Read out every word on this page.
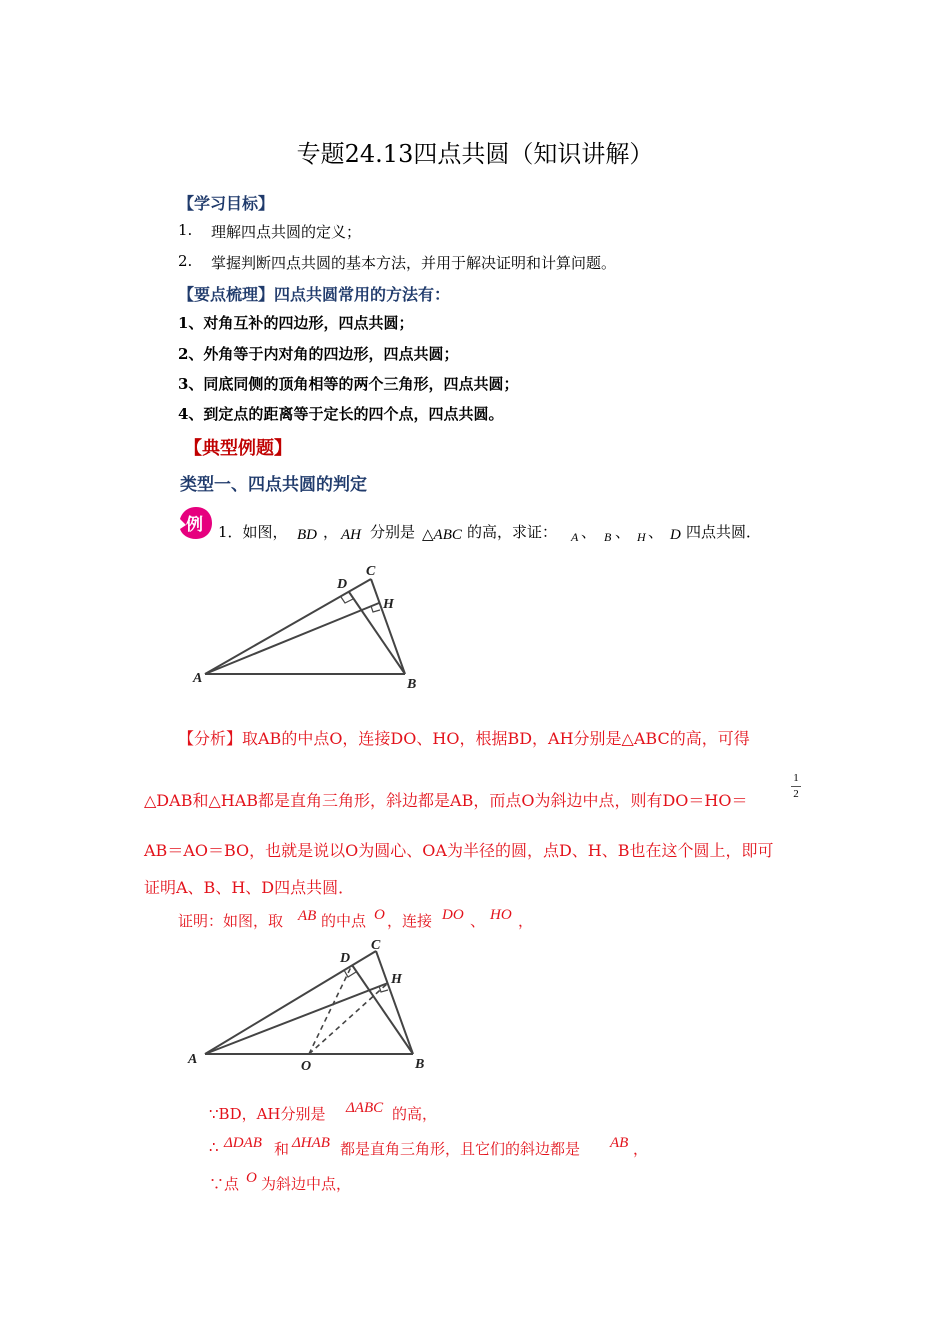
专题24.13四点共圆（知识讲解）
【学习目标】
1. 理解四点共圆的定义；
2. 掌握判断四点共圆的基本方法，并用于解决证明和计算问题。
【要点梳理】四点共圆常用的方法有：
1、对角互补的四边形，四点共圆；
2、外角等于内对角的四边形，四点共圆；
3、同底同侧的顶角相等的两个三角形，四点共圆；
4、到定点的距离等于定长的四个点，四点共圆。
【典型例题】
类型一、四点共圆的判定
例 1．如图， BD ， AH 分别是 △ABC 的高，求证： A 、 B 、 H 、 D 四点共圆．
A	B
C
D
H
【分析】取AB的中点O，连接DO、HO，根据BD，AH分别是△ABC的高，可得
△DAB和△HAB都是直角三角形，斜边都是AB，而点O为斜边中点，则有DO＝HO＝
1
2
AB＝AO＝BO，也就是说以O为圆心、OA为半径的圆，点D、H、B也在这个圆上，即可
证明A、B、H、D四点共圆．
证明：如图，取 AB 的中点 O ，连接 DO 、 HO ，
A	B
C
D
H
O
∵BD，AH分别是 ΔABC 的高，
∴ ΔDAB 和 ΔHAB 都是直角三角形，且它们的斜边都是 AB ，
∵点 O 为斜边中点，
